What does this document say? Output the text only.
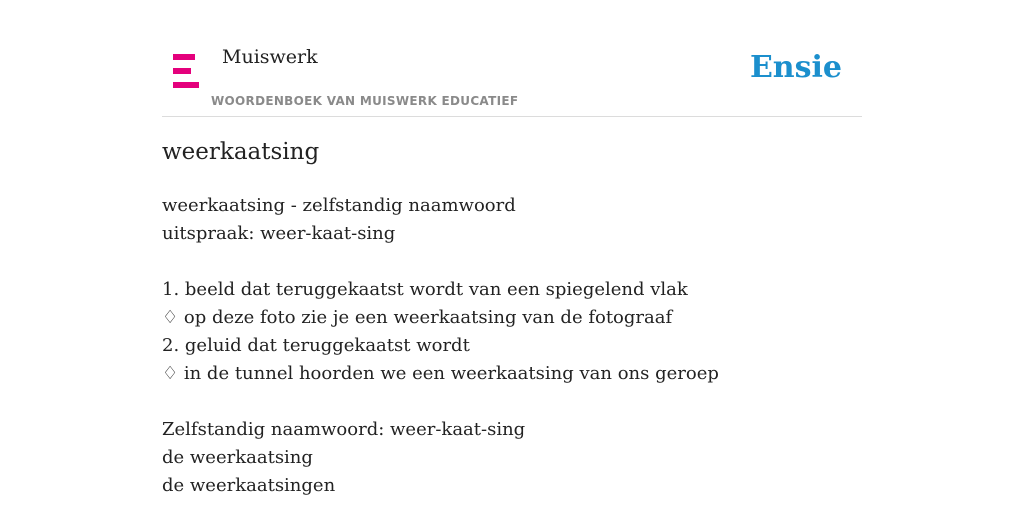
Muiswerk
WOORDENBOEK VAN MUISWERK EDUCATIEF
Ensie
weerkaatsing
weerkaatsing - zelfstandig naamwoord
uitspraak: weer-kaat-sing
1. beeld dat teruggekaatst wordt van een spiegelend vlak
♢ op deze foto zie je een weerkaatsing van de fotograaf
2. geluid dat teruggekaatst wordt
♢ in de tunnel hoorden we een weerkaatsing van ons geroep
Zelfstandig naamwoord: weer-kaat-sing
de weerkaatsing
de weerkaatsingen
